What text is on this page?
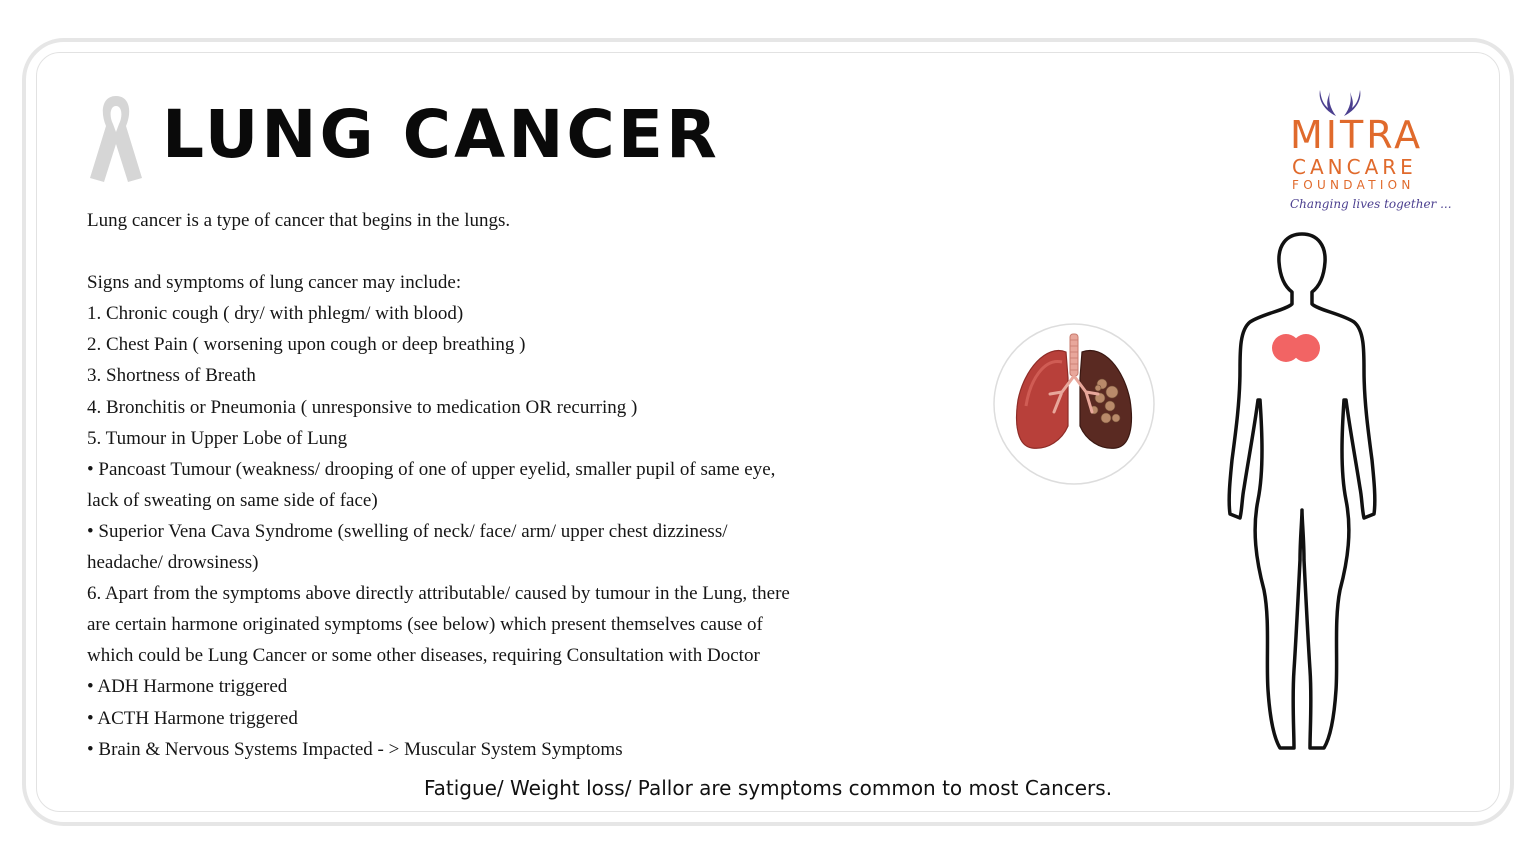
LUNG CANCER

Lung cancer is a type of cancer that begins in the lungs.

Signs and symptoms of lung cancer may include:

1. Chronic cough ( dry/ with phlegm/ with blood)

2. Chest Pain ( worsening upon cough or deep breathing )

3. Shortness of Breath

4. Bronchitis or Pneumonia ( unresponsive to medication OR recurring )

5. Tumour in Upper Lobe of Lung

• Pancoast Tumour (weakness/ drooping of one of upper eyelid, smaller pupil of same eye,

lack of sweating on same side of face)

• Superior Vena Cava Syndrome (swelling of neck/ face/ arm/ upper chest dizziness/

headache/ drowsiness)

6. Apart from the symptoms above directly attributable/ caused by tumour in the Lung, there

are certain harmone originated symptoms (see below) which present themselves cause of

which could be Lung Cancer or some other diseases, requiring Consultation with Doctor

• ADH Harmone triggered

• ACTH Harmone triggered

• Brain & Nervous Systems Impacted - > Muscular System Symptoms

Fatigue/ Weight loss/ Pallor are symptoms common to most Cancers.
MITRA
CANCARE
FOUNDATION
Changing lives together ...
